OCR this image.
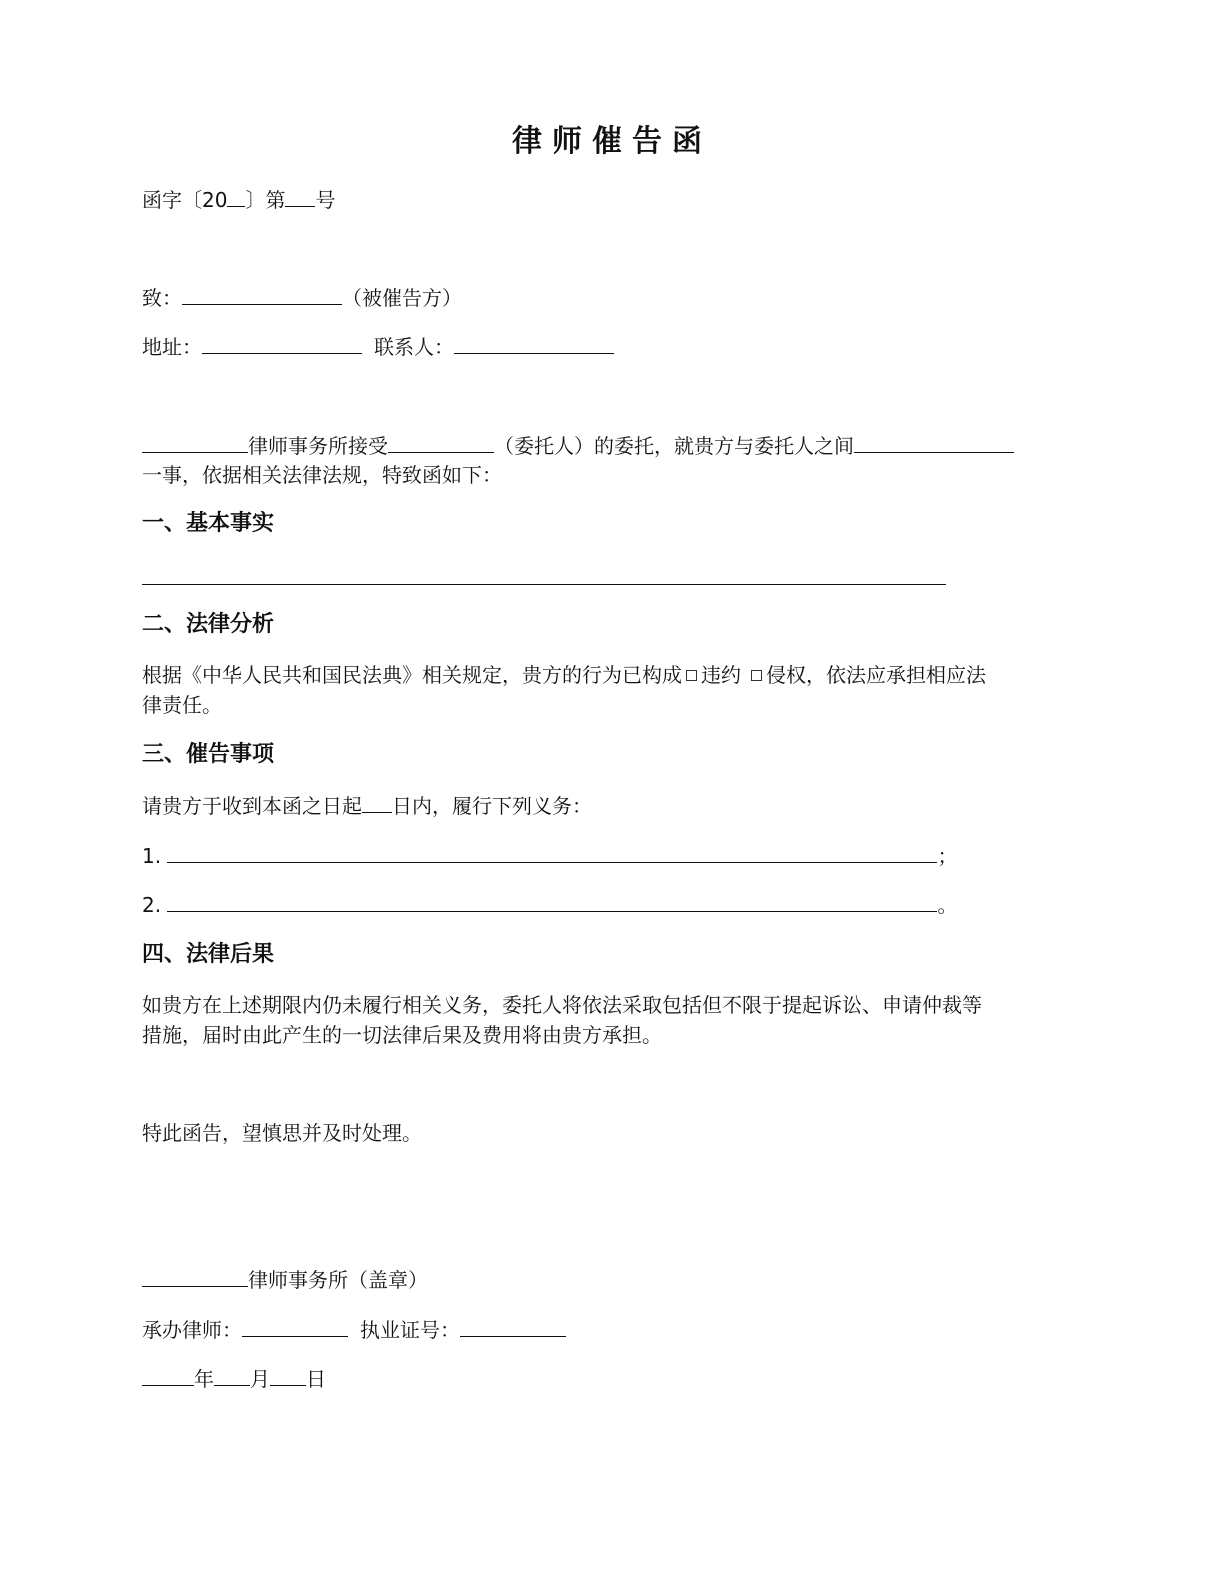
律师催告函
函字〔20 〕第 号
致：	（被催告方）
地址：	联系人：
律师事务所接受	（委托人）的委托，就贵方与委托人之间
一事，依据相关法律法规，特致函如下：
一、基本事实
二、法律分析
根据《中华人民共和国民法典》相关规定，贵方的行为已构成 违约 侵权，依法应承担相应法
律责任。
三、催告事项
请贵方于收到本函之日起 日内，履行下列义务：
1.	；
2.	。
四、法律后果
如贵方在上述期限内仍未履行相关义务，委托人将依法采取包括但不限于提起诉讼、申请仲裁等
措施，届时由此产生的一切法律后果及费用将由贵方承担。
特此函告，望慎思并及时处理。
律师事务所（盖章）
承办律师：	执业证号：
年 月 日
